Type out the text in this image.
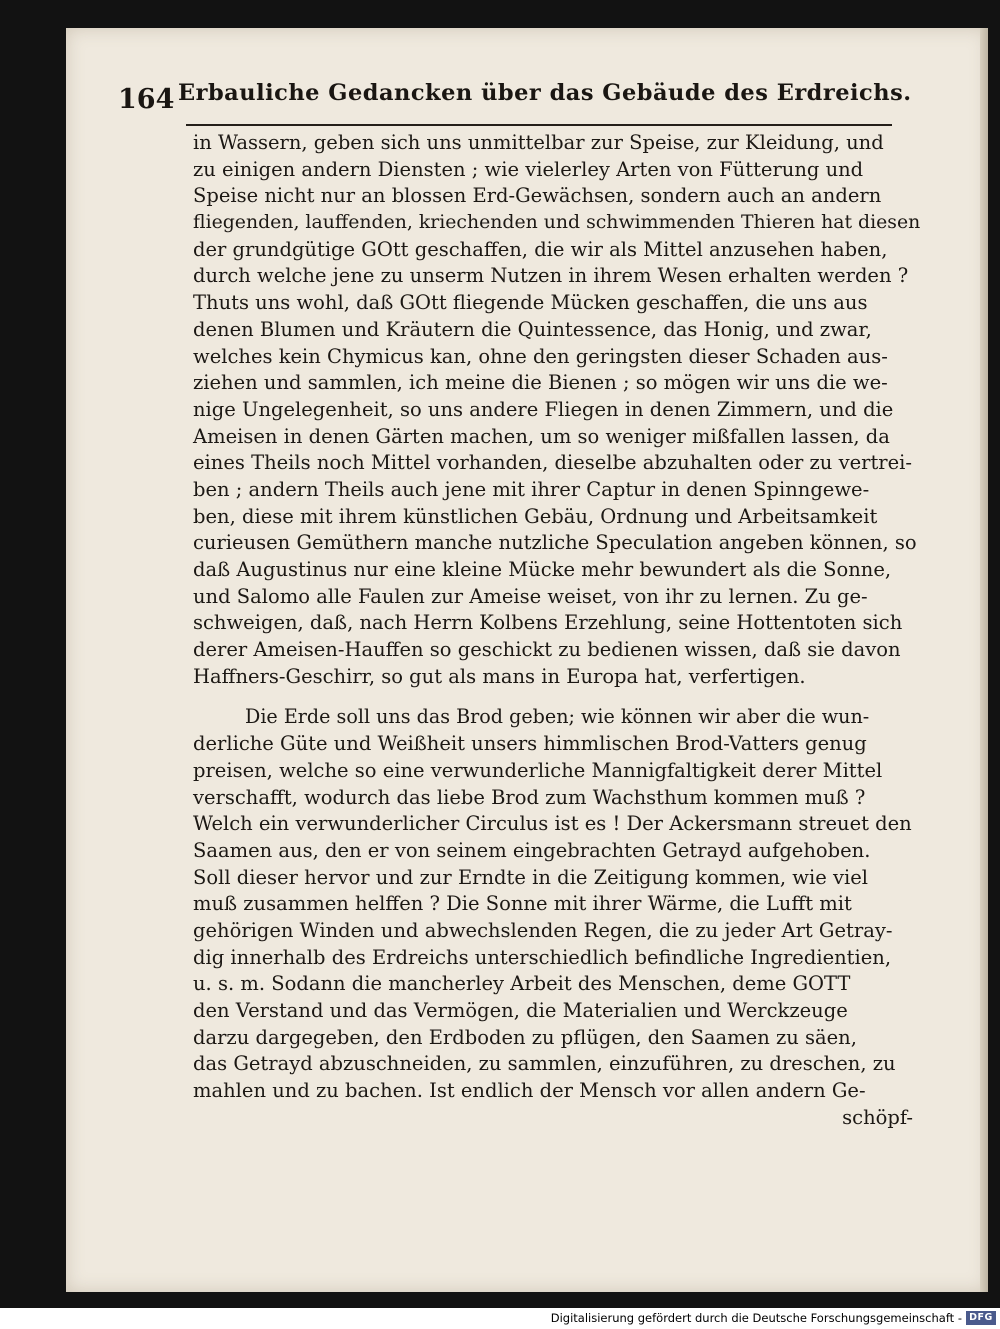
164 Erbauliche Gedancken über das Gebäude des Erdreichs.
in Wassern, geben sich uns unmittelbar zur Speise, zur Kleidung, und
zu einigen andern Diensten ; wie vielerley Arten von Fütterung und
Speise nicht nur an blossen Erd-Gewächsen, sondern auch an andern
fliegenden, lauffenden, kriechenden und schwimmenden Thieren hat diesen
der grundgütige GOtt geschaffen, die wir als Mittel anzusehen haben,
durch welche jene zu unserm Nutzen in ihrem Wesen erhalten werden ?
Thuts uns wohl, daß GOtt fliegende Mücken geschaffen, die uns aus
denen Blumen und Kräutern die Quintessence, das Honig, und zwar,
welches kein Chymicus kan, ohne den geringsten dieser Schaden aus-
ziehen und sammlen, ich meine die Bienen ; so mögen wir uns die we-
nige Ungelegenheit, so uns andere Fliegen in denen Zimmern, und die
Ameisen in denen Gärten machen, um so weniger mißfallen lassen, da
eines Theils noch Mittel vorhanden, dieselbe abzuhalten oder zu vertrei-
ben ; andern Theils auch jene mit ihrer Captur in denen Spinngewe-
ben, diese mit ihrem künstlichen Gebäu, Ordnung und Arbeitsamkeit
curieusen Gemüthern manche nutzliche Speculation angeben können, so
daß Augustinus nur eine kleine Mücke mehr bewundert als die Sonne,
und Salomo alle Faulen zur Ameise weiset, von ihr zu lernen. Zu ge-
schweigen, daß, nach Herrn Kolbens Erzehlung, seine Hottentoten sich
derer Ameisen-Hauffen so geschickt zu bedienen wissen, daß sie davon
Haffners-Geschirr, so gut als mans in Europa hat, verfertigen.
Die Erde soll uns das Brod geben; wie können wir aber die wun-
derliche Güte und Weißheit unsers himmlischen Brod-Vatters genug
preisen, welche so eine verwunderliche Mannigfaltigkeit derer Mittel
verschafft, wodurch das liebe Brod zum Wachsthum kommen muß ?
Welch ein verwunderlicher Circulus ist es ! Der Ackersmann streuet den
Saamen aus, den er von seinem eingebrachten Getrayd aufgehoben.
Soll dieser hervor und zur Erndte in die Zeitigung kommen, wie viel
muß zusammen helffen ? Die Sonne mit ihrer Wärme, die Lufft mit
gehörigen Winden und abwechslenden Regen, die zu jeder Art Getray-
dig innerhalb des Erdreichs unterschiedlich befindliche Ingredientien,
u. s. m. Sodann die mancherley Arbeit des Menschen, deme GOTT
den Verstand und das Vermögen, die Materialien und Werckzeuge
darzu dargegeben, den Erdboden zu pflügen, den Saamen zu säen,
das Getrayd abzuschneiden, zu sammlen, einzuführen, zu dreschen, zu
mahlen und zu bachen. Ist endlich der Mensch vor allen andern Ge-
schöpf-
Digitalisierung gefördert durch die Deutsche Forschungsgemeinschaft - DFG
